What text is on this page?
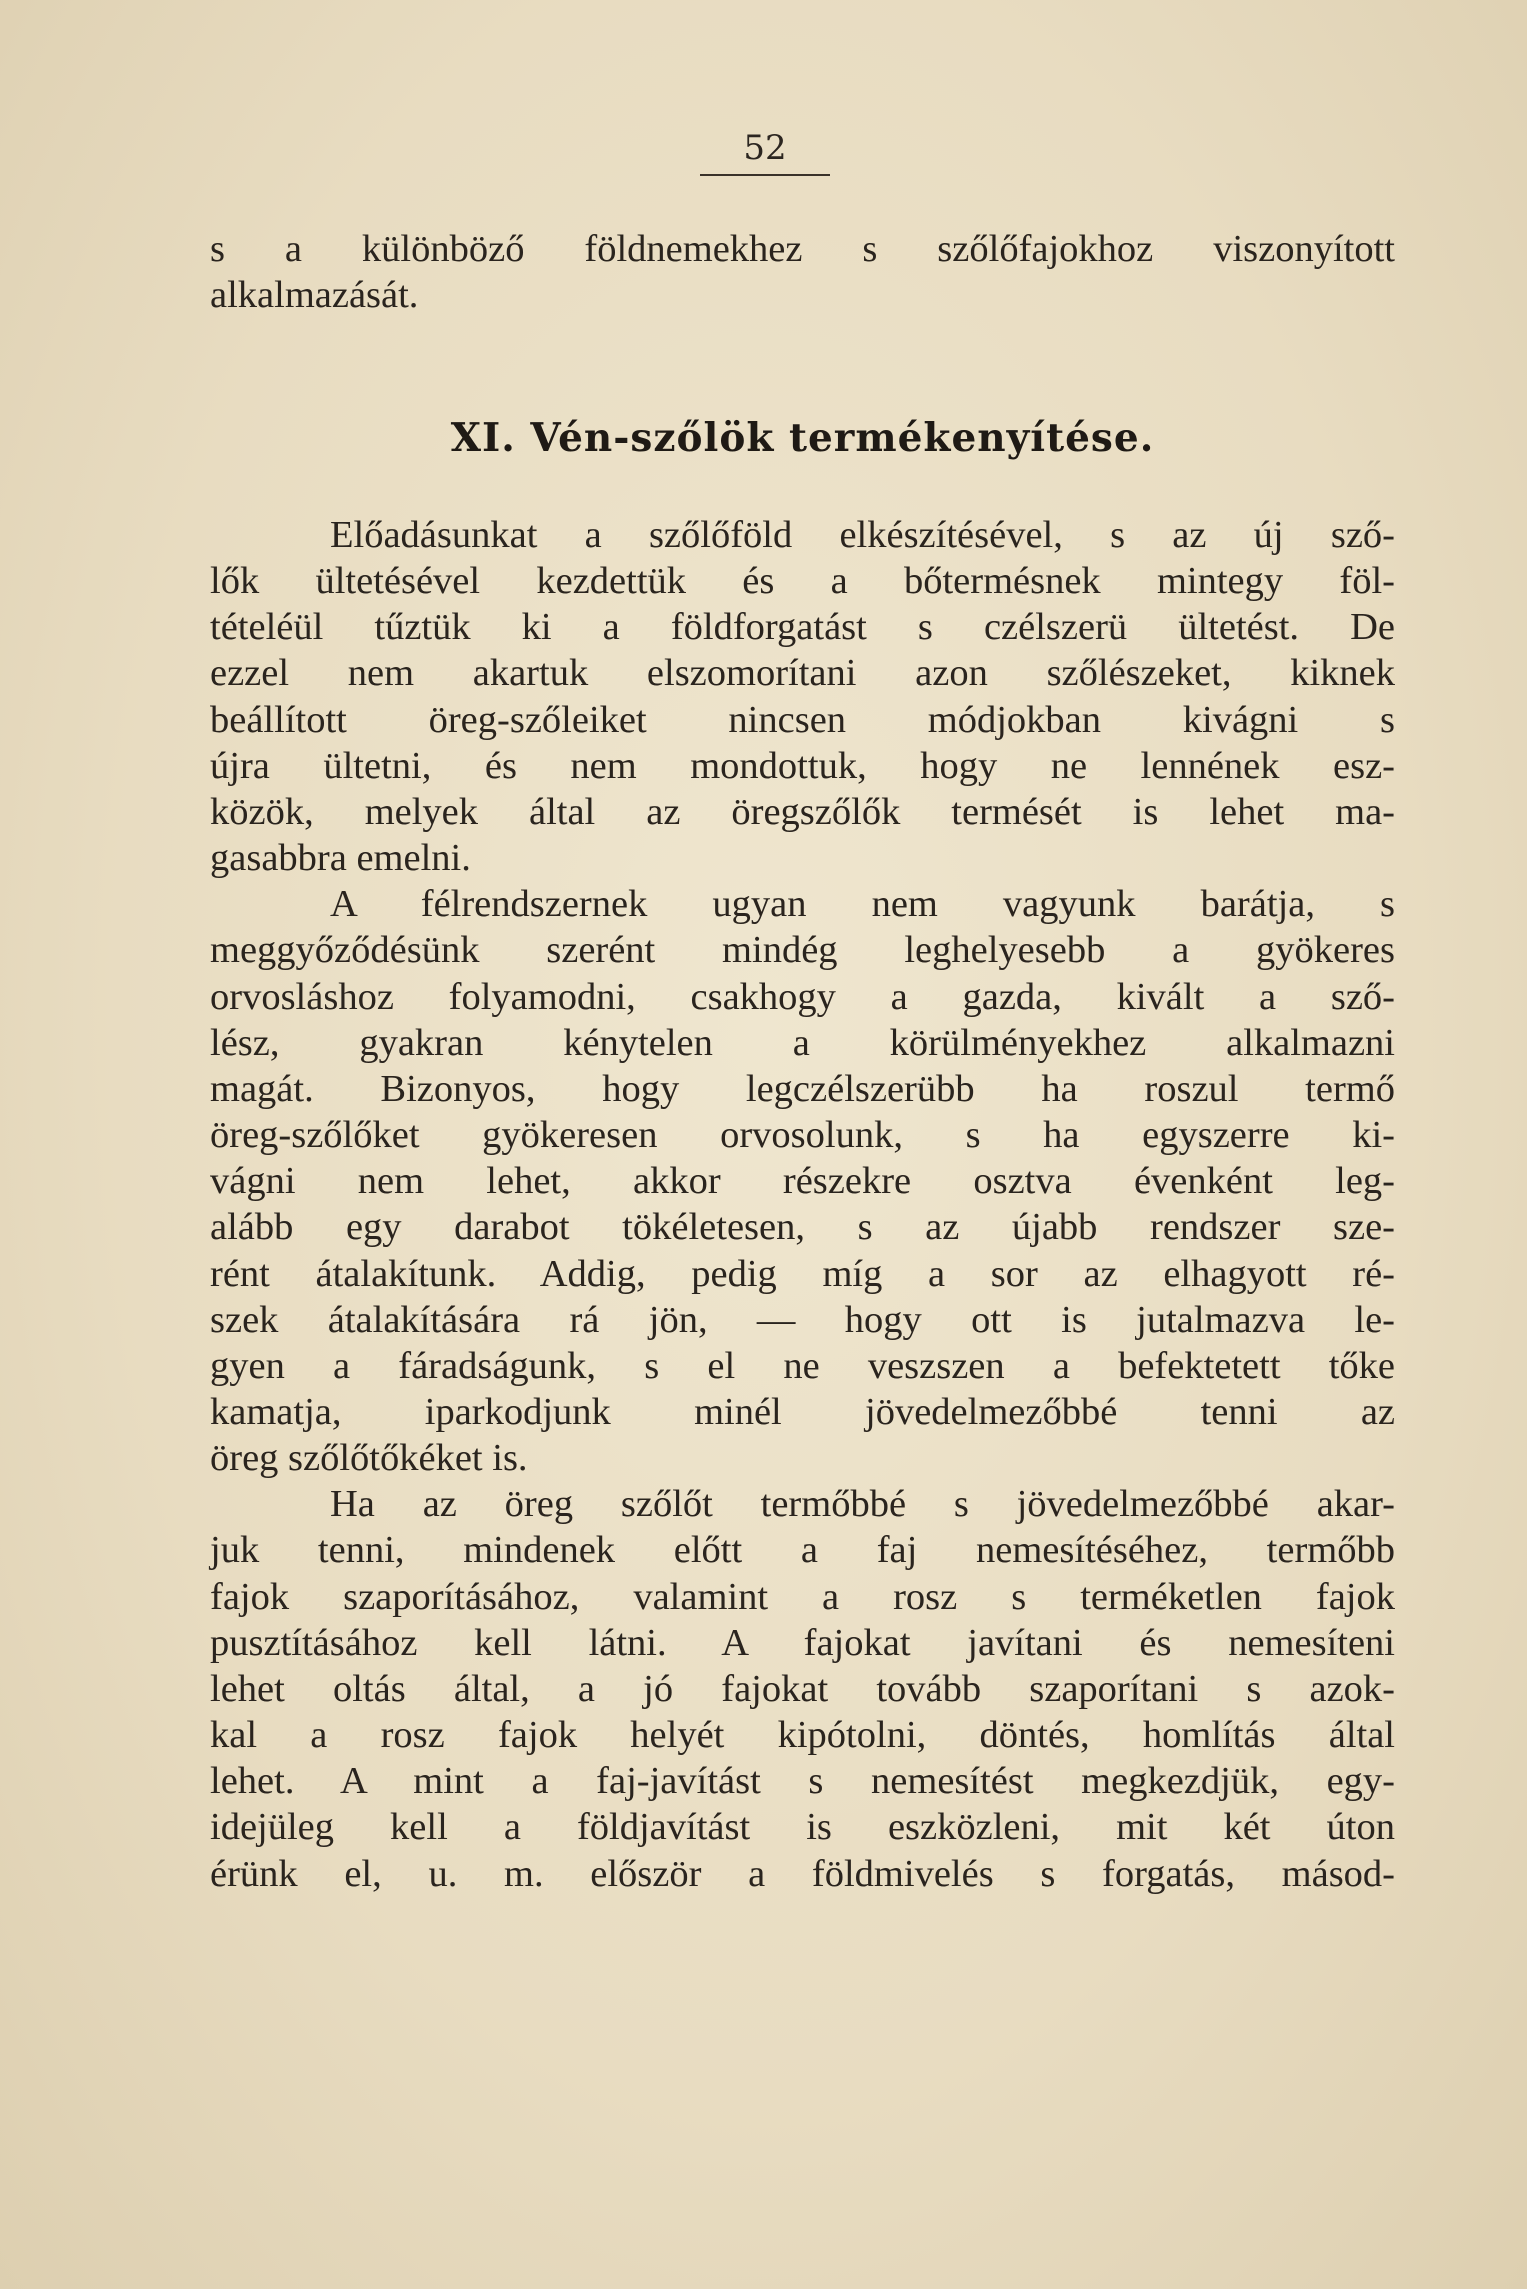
52
s a különböző földnemekhez s szőlőfajokhoz viszonyított
alkalmazását.
XI. Vén-szőlök termékenyítése.
Előadásunkat a szőlőföld elkészítésével, s az új sző-
lők ültetésével kezdettük és a bőtermésnek mintegy föl-
tételéül tűztük ki a földforgatást s czélszerü ültetést. De
ezzel nem akartuk elszomorítani azon szőlészeket, kiknek
beállított öreg-szőleiket nincsen módjokban kivágni s
újra ültetni, és nem mondottuk, hogy ne lennének esz-
közök, melyek által az öregszőlők termését is lehet ma-
gasabbra emelni.
A félrendszernek ugyan nem vagyunk barátja, s
meggyőződésünk szerént mindég leghelyesebb a gyökeres
orvosláshoz folyamodni, csakhogy a gazda, kivált a sző-
lész, gyakran kénytelen a körülményekhez alkalmazni
magát. Bizonyos, hogy legczélszerübb ha roszul termő
öreg-szőlőket gyökeresen orvosolunk, s ha egyszerre ki-
vágni nem lehet, akkor részekre osztva évenként leg-
alább egy darabot tökéletesen, s az újabb rendszer sze-
rént átalakítunk. Addig, pedig míg a sor az elhagyott ré-
szek átalakítására rá jön, — hogy ott is jutalmazva le-
gyen a fáradságunk, s el ne veszszen a befektetett tőke
kamatja, iparkodjunk minél jövedelmezőbbé tenni az
öreg szőlőtőkéket is.
Ha az öreg szőlőt termőbbé s jövedelmezőbbé akar-
juk tenni, mindenek előtt a faj nemesítéséhez, termőbb
fajok szaporításához, valamint a rosz s terméketlen fajok
pusztításához kell látni. A fajokat javítani és nemesíteni
lehet oltás által, a jó fajokat tovább szaporítani s azok-
kal a rosz fajok helyét kipótolni, döntés, homlítás által
lehet. A mint a faj-javítást s nemesítést megkezdjük, egy-
idejüleg kell a földjavítást is eszközleni, mit két úton
érünk el, u. m. először a földmivelés s forgatás, másod-
